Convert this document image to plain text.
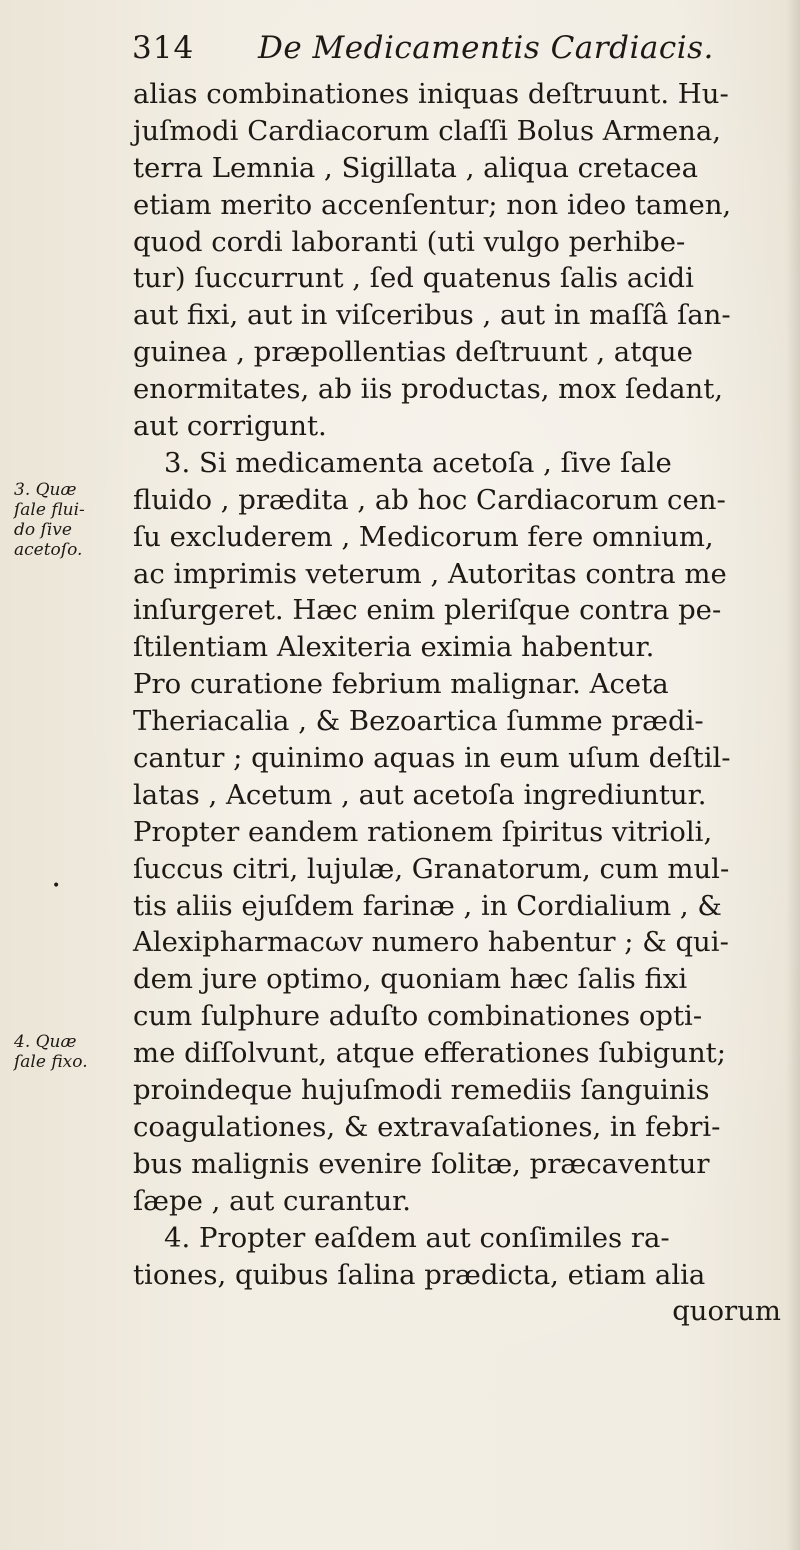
314 De Medicamentis Cardiacis.
alias combinationes iniquas deſtruunt. Hu-
juſmodi Cardiacorum claſſi Bolus Armena,
terra Lemnia , Sigillata , aliqua cretacea
etiam merito accenſentur; non ideo tamen,
quod cordi laboranti (uti vulgo perhibe-
tur) ſuccurrunt , ſed quatenus ſalis acidi
aut fixi, aut in viſceribus , aut in maſſâ ſan-
guinea , præpollentias deſtruunt , atque
enormitates, ab iis productas, mox ſedant,
aut corrigunt.
3. Si medicamenta acetoſa , ſive ſale
fluido , prædita , ab hoc Cardiacorum cen-
ſu excluderem , Medicorum fere omnium,
ac imprimis veterum , Autoritas contra me
inſurgeret. Hæc enim pleriſque contra pe-
ſtilentiam Alexiteria eximia habentur.
Pro curatione febrium malignar. Aceta
Theriacalia , & Bezoartica ſumme prædi-
cantur ; quinimo aquas in eum uſum deſtil-
latas , Acetum , aut acetoſa ingrediuntur.
Propter eandem rationem ſpiritus vitrioli,
ſuccus citri, lujulæ, Granatorum, cum mul-
tis aliis ejuſdem farinæ , in Cordialium , &
Alexipharmacωv numero habentur ; & qui-
dem jure optimo, quoniam hæc ſalis fixi
cum ſulphure aduſto combinationes opti-
me diſſolvunt, atque efferationes ſubigunt;
proindeque hujuſmodi remediis ſanguinis
coagulationes, & extravaſationes, in febri-
bus malignis evenire ſolitæ, præcaventur
ſæpe , aut curantur.
4. Propter eaſdem aut conſimiles ra-
tiones, quibus ſalina prædicta, etiam alia
quorum
3. Quæ
ſale flui-
do ſive
acetoſo.
4. Quæ
ſale fixo.
•
